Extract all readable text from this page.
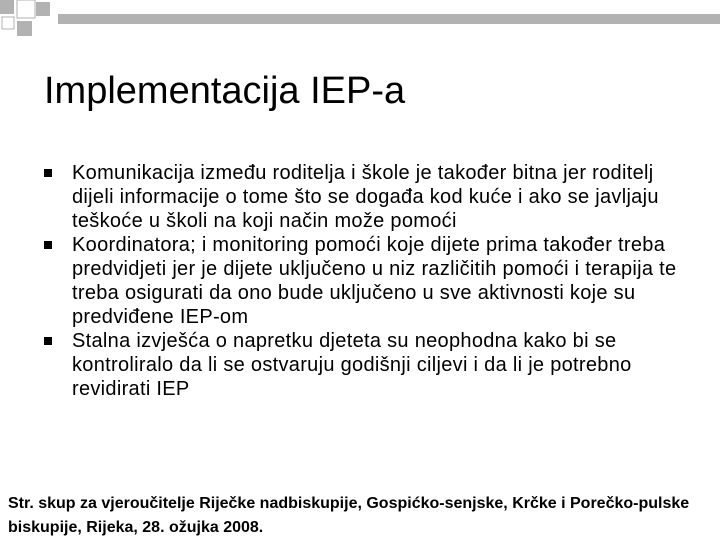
Implementacija IEP-a
Komunikacija između roditelja i škole je također bitna jer roditelj dijeli informacije o tome što se događa kod kuće i ako se javljaju teškoće u školi na koji način može pomoći
Koordinatora; i monitoring pomoći koje dijete prima također treba predvidjeti jer je dijete uključeno u niz različitih pomoći i terapija te treba osigurati da ono bude uključeno u sve aktivnosti koje su predviđene IEP-om
Stalna izvješća o napretku djeteta su neophodna kako bi se kontroliralo da li se ostvaruju godišnji ciljevi i da li je potrebno revidirati IEP
Str. skup za vjeroučitelje Riječke nadbiskupije, Gospićko-senjske, Krčke i Porečko-pulske
biskupije, Rijeka, 28. ožujka 2008.
